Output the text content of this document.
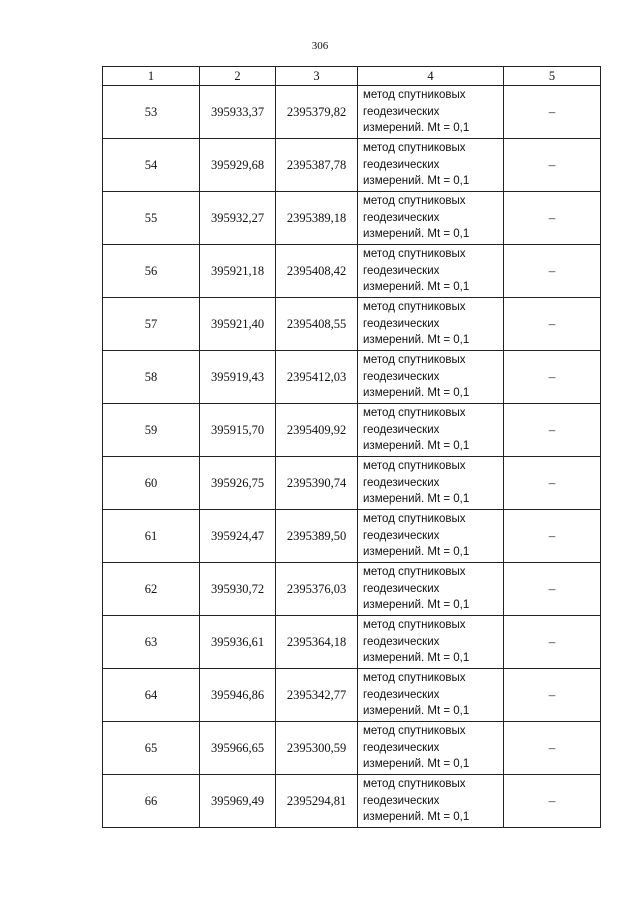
306
1	2	3	4	5
53	395933,37	2395379,82	метод спутниковых
геодезических
измерений. Mt = 0,1	–
54	395929,68	2395387,78	метод спутниковых
геодезических
измерений. Mt = 0,1	–
55	395932,27	2395389,18	метод спутниковых
геодезических
измерений. Mt = 0,1	–
56	395921,18	2395408,42	метод спутниковых
геодезических
измерений. Mt = 0,1	–
57	395921,40	2395408,55	метод спутниковых
геодезических
измерений. Mt = 0,1	–
58	395919,43	2395412,03	метод спутниковых
геодезических
измерений. Mt = 0,1	–
59	395915,70	2395409,92	метод спутниковых
геодезических
измерений. Mt = 0,1	–
60	395926,75	2395390,74	метод спутниковых
геодезических
измерений. Mt = 0,1	–
61	395924,47	2395389,50	метод спутниковых
геодезических
измерений. Mt = 0,1	–
62	395930,72	2395376,03	метод спутниковых
геодезических
измерений. Mt = 0,1	–
63	395936,61	2395364,18	метод спутниковых
геодезических
измерений. Mt = 0,1	–
64	395946,86	2395342,77	метод спутниковых
геодезических
измерений. Mt = 0,1	–
65	395966,65	2395300,59	метод спутниковых
геодезических
измерений. Mt = 0,1	–
66	395969,49	2395294,81	метод спутниковых
геодезических
измерений. Mt = 0,1	–
